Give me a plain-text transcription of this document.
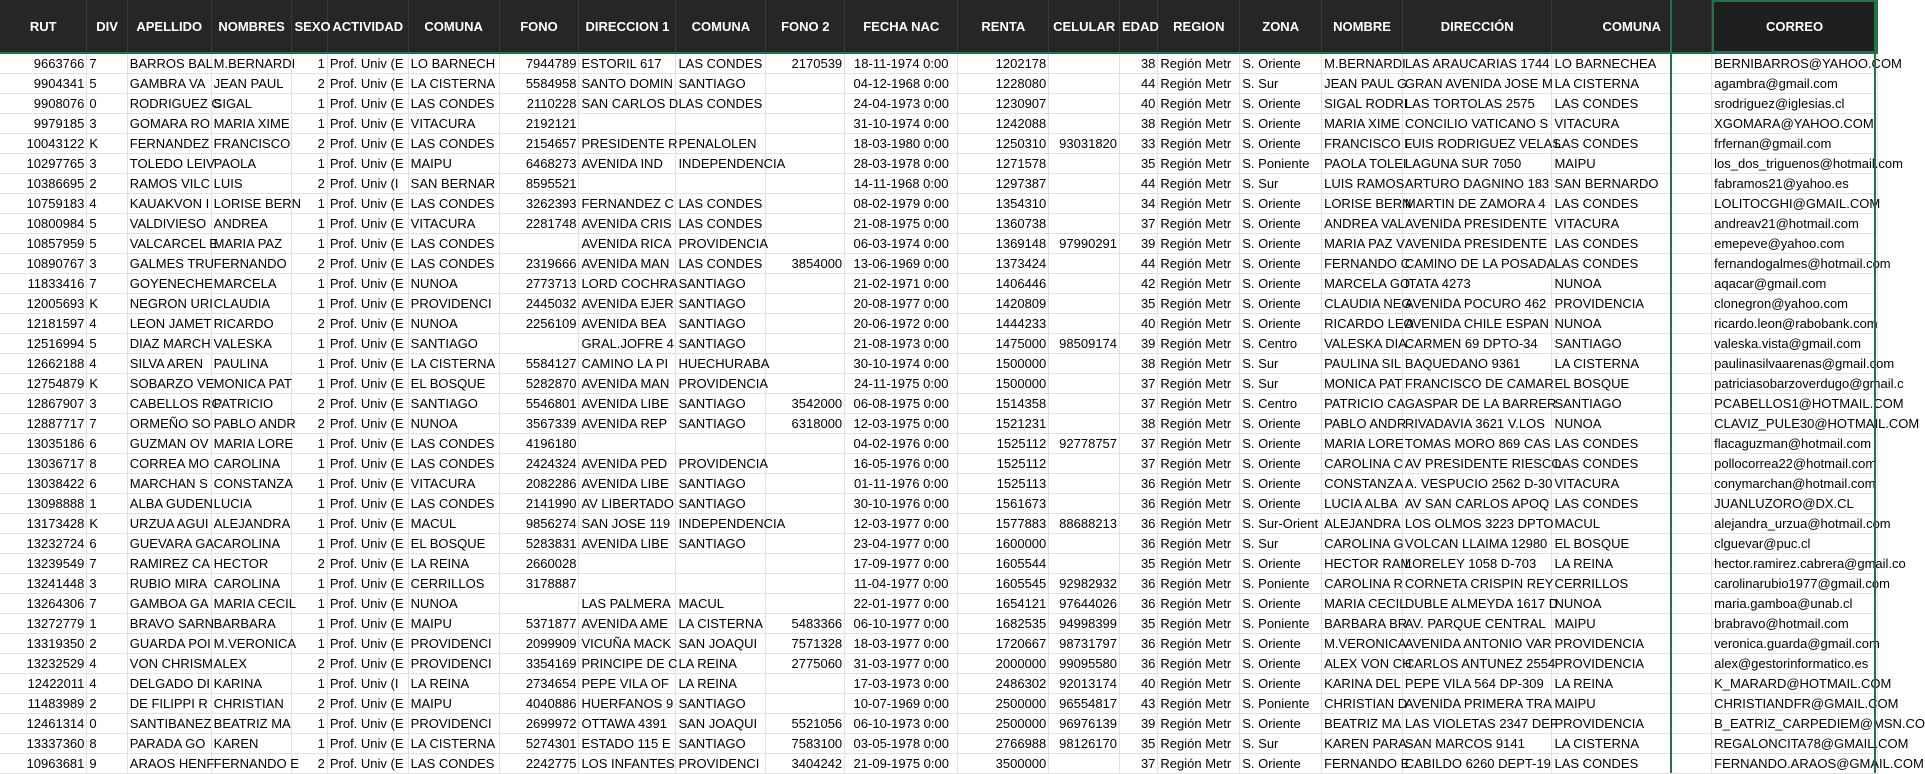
RUT	DIV	APELLIDO	NOMBRES	SEXO	ACTIVIDAD	COMUNA	FONO	DIRECCION 1	COMUNA	FONO 2	FECHA NAC	RENTA	CELULAR	EDAD	REGION	ZONA	NOMBRE	DIRECCIÓN	COMUNA	CORREO
9663766	7	BARROS BAL	M.BERNARDI	1	Prof. Univ (E	LO BARNECH	7944789	ESTORIL 617	LAS CONDES	2170539	18-11-1974 0:00	1202178		38	Región Metr	S. Oriente	M.BERNARDI	LAS ARAUCARIAS 1744	LO BARNECHEA	BERNIBARROS@YAHOO.COM
9904341	5	GAMBRA VA	JEAN PAUL	2	Prof. Univ (E	LA CISTERNA	5584958	SANTO DOMIN	SANTIAGO		04-12-1968 0:00	1228080		44	Región Metr	S. Sur	JEAN PAUL G	GRAN AVENIDA JOSE M	LA CISTERNA	agambra@gmail.com
9908076	0	RODRIGUEZ C	SIGAL	1	Prof. Univ (E	LAS CONDES	2110228	SAN CARLOS D	LAS CONDES		24-04-1973 0:00	1230907		40	Región Metr	S. Oriente	SIGAL RODRI	LAS TORTOLAS 2575	LAS CONDES	srodriguez@iglesias.cl
9979185	3	GOMARA RO	MARIA XIME	1	Prof. Univ (E	VITACURA	2192121				31-10-1974 0:00	1242088		38	Región Metr	S. Oriente	MARIA XIME	CONCILIO VATICANO S	VITACURA	XGOMARA@YAHOO.COM
10043122	K	FERNANDEZ	FRANCISCO	2	Prof. Univ (E	LAS CONDES	2154657	PRESIDENTE R	PENALOLEN		18-03-1980 0:00	1250310	93031820	33	Región Metr	S. Oriente	FRANCISCO F	LUIS RODRIGUEZ VELAS	LAS CONDES	frfernan@gmail.com
10297765	3	TOLEDO LEIV	PAOLA	1	Prof. Univ (E	MAIPU	6468273	AVENIDA IND	INDEPENDENCIA		28-03-1978 0:00	1271578		35	Región Metr	S. Poniente	PAOLA TOLEI	LAGUNA SUR 7050	MAIPU	los_dos_triguenos@hotmail.com
10386695	2	RAMOS VILC	LUIS	2	Prof. Univ (I	SAN BERNAR	8595521				14-11-1968 0:00	1297387		44	Región Metr	S. Sur	LUIS RAMOS	ARTURO DAGNINO 183	SAN BERNARDO	fabramos21@yahoo.es
10759183	4	KAUAKVON I	LORISE BERN	1	Prof. Univ (E	LAS CONDES	3262393	FERNANDEZ C	LAS CONDES		08-02-1979 0:00	1354310		34	Región Metr	S. Oriente	LORISE BERN	MARTIN DE ZAMORA 4	LAS CONDES	LOLITOCGHI@GMAIL.COM
10800984	5	VALDIVIESO	ANDREA	1	Prof. Univ (E	VITACURA	2281748	AVENIDA CRIS	LAS CONDES		21-08-1975 0:00	1360738		37	Región Metr	S. Oriente	ANDREA VAL	AVENIDA PRESIDENTE	VITACURA	andreav21@hotmail.com
10857959	5	VALCARCEL E	MARIA PAZ	1	Prof. Univ (E	LAS CONDES		AVENIDA RICA	PROVIDENCIA		06-03-1974 0:00	1369148	97990291	39	Región Metr	S. Oriente	MARIA PAZ V	AVENIDA PRESIDENTE	LAS CONDES	emepeve@yahoo.com
10890767	3	GALMES TRU	FERNANDO	2	Prof. Univ (E	LAS CONDES	2319666	AVENIDA MAN	LAS CONDES	3854000	13-06-1969 0:00	1373424		44	Región Metr	S. Oriente	FERNANDO C	CAMINO DE LA POSADA	LAS CONDES	fernandogalmes@hotmail.com
11833416	7	GOYENECHE	MARCELA	1	Prof. Univ (E	NUNOA	2773713	LORD COCHRA	SANTIAGO		21-02-1971 0:00	1406446		42	Región Metr	S. Oriente	MARCELA GO	ITATA 4273	NUNOA	aqacar@gmail.com
12005693	K	NEGRON URI	CLAUDIA	1	Prof. Univ (E	PROVIDENCI	2445032	AVENIDA EJER	SANTIAGO		20-08-1977 0:00	1420809		35	Región Metr	S. Oriente	CLAUDIA NEG	AVENIDA POCURO 462	PROVIDENCIA	clonegron@yahoo.com
12181597	4	LEON JAMET	RICARDO	2	Prof. Univ (E	NUNOA	2256109	AVENIDA BEA	SANTIAGO		20-06-1972 0:00	1444233		40	Región Metr	S. Oriente	RICARDO LEO	AVENIDA CHILE ESPAN	NUNOA	ricardo.leon@rabobank.com
12516994	5	DIAZ MARCH	VALESKA	1	Prof. Univ (E	SANTIAGO		GRAL.JOFRE 4	SANTIAGO		21-08-1973 0:00	1475000	98509174	39	Región Metr	S. Centro	VALESKA DIA	CARMEN 69 DPTO-34	SANTIAGO	valeska.vista@gmail.com
12662188	4	SILVA AREN	PAULINA	1	Prof. Univ (E	LA CISTERNA	5584127	CAMINO LA PI	HUECHURABA		30-10-1974 0:00	1500000		38	Región Metr	S. Sur	PAULINA SIL	BAQUEDANO 9361	LA CISTERNA	paulinasilvaarenas@gmail.com
12754879	K	SOBARZO VE	MONICA PAT	1	Prof. Univ (E	EL BOSQUE	5282870	AVENIDA MAN	PROVIDENCIA		24-11-1975 0:00	1500000		37	Región Metr	S. Sur	MONICA PAT	FRANCISCO DE CAMAR	EL BOSQUE	patriciasobarzoverdugo@gmail.c
12867907	3	CABELLOS RC	PATRICIO	2	Prof. Univ (E	SANTIAGO	5546801	AVENIDA LIBE	SANTIAGO	3542000	06-08-1975 0:00	1514358		37	Región Metr	S. Centro	PATRICIO CA	GASPAR DE LA BARRER	SANTIAGO	PCABELLOS1@HOTMAIL.COM
12887717	7	ORMEÑO SO	PABLO ANDR	2	Prof. Univ (E	NUNOA	3567339	AVENIDA REP	SANTIAGO	6318000	12-03-1975 0:00	1521231		38	Región Metr	S. Oriente	PABLO ANDR	RIVADAVIA 3621 V.LOS	NUNOA	CLAVIZ_PULE30@HOTMAIL.COM
13035186	6	GUZMAN OV	MARIA LORE	1	Prof. Univ (E	LAS CONDES	4196180				04-02-1976 0:00	1525112	92778757	37	Región Metr	S. Oriente	MARIA LORE	TOMAS MORO 869 CAS	LAS CONDES	flacaguzman@hotmail.com
13036717	8	CORREA MO	CAROLINA	1	Prof. Univ (E	LAS CONDES	2424324	AVENIDA PED	PROVIDENCIA		16-05-1976 0:00	1525112		37	Región Metr	S. Oriente	CAROLINA C	AV PRESIDENTE RIESCO	LAS CONDES	pollocorrea22@hotmail.com
13038422	6	MARCHAN S	CONSTANZA	1	Prof. Univ (E	VITACURA	2082286	AVENIDA LIBE	SANTIAGO		01-11-1976 0:00	1525113		36	Región Metr	S. Oriente	CONSTANZA	A. VESPUCIO 2562 D-30	VITACURA	conymarchan@hotmail.com
13098888	1	ALBA GUDEN	LUCIA	1	Prof. Univ (E	LAS CONDES	2141990	AV LIBERTADO	SANTIAGO		30-10-1976 0:00	1561673		36	Región Metr	S. Oriente	LUCIA ALBA	AV SAN CARLOS APOQ	LAS CONDES	JUANLUZORO@DX.CL
13173428	K	URZUA AGUI	ALEJANDRA	1	Prof. Univ (E	MACUL	9856274	SAN JOSE 119	INDEPENDENCIA		12-03-1977 0:00	1577883	88688213	36	Región Metr	S. Sur-Orient	ALEJANDRA	LOS OLMOS 3223 DPTO	MACUL	alejandra_urzua@hotmail.com
13232724	6	GUEVARA GA	CAROLINA	1	Prof. Univ (E	EL BOSQUE	5283831	AVENIDA LIBE	SANTIAGO		23-04-1977 0:00	1600000		36	Región Metr	S. Sur	CAROLINA G	VOLCAN LLAIMA 12980	EL BOSQUE	clguevar@puc.cl
13239549	7	RAMIREZ CA	HECTOR	2	Prof. Univ (E	LA REINA	2660028				17-09-1977 0:00	1605544		35	Región Metr	S. Oriente	HECTOR RAM	LORELEY 1058 D-703	LA REINA	hector.ramirez.cabrera@gmail.co
13241448	3	RUBIO MIRA	CAROLINA	1	Prof. Univ (E	CERRILLOS	3178887				11-04-1977 0:00	1605545	92982932	36	Región Metr	S. Poniente	CAROLINA R	CORNETA CRISPIN REY	CERRILLOS	carolinarubio1977@gmail.com
13264306	7	GAMBOA GA	MARIA CECIL	1	Prof. Univ (E	NUNOA		LAS PALMERA	MACUL		22-01-1977 0:00	1654121	97644026	36	Región Metr	S. Oriente	MARIA CECIL	DUBLE ALMEYDA 1617 D	NUNOA	maria.gamboa@unab.cl
13272779	1	BRAVO SARN	BARBARA	1	Prof. Univ (E	MAIPU	5371877	AVENIDA AME	LA CISTERNA	5483366	06-10-1977 0:00	1682535	94998399	35	Región Metr	S. Poniente	BARBARA BR	AV. PARQUE CENTRAL	MAIPU	brabravo@hotmail.com
13319350	2	GUARDA POI	M.VERONICA	1	Prof. Univ (E	PROVIDENCI	2099909	VICUÑA MACK	SAN JOAQUI	7571328	18-03-1977 0:00	1720667	98731797	36	Región Metr	S. Oriente	M.VERONICA	AVENIDA ANTONIO VAR	PROVIDENCIA	veronica.guarda@gmail.com
13232529	4	VON CHRISM	ALEX	2	Prof. Univ (E	PROVIDENCI	3354169	PRINCIPE DE C	LA REINA	2775060	31-03-1977 0:00	2000000	99095580	36	Región Metr	S. Oriente	ALEX VON CH	CARLOS ANTUNEZ 2554	PROVIDENCIA	alex@gestorinformatico.es
12422011	4	DELGADO DI	KARINA	1	Prof. Univ (I	LA REINA	2734654	PEPE VILA OF	LA REINA		17-03-1973 0:00	2486302	92013174	40	Región Metr	S. Oriente	KARINA DEL	PEPE VILA 564 DP-309	LA REINA	K_MARARD@HOTMAIL.COM
11483989	2	DE FILIPPI R	CHRISTIAN	2	Prof. Univ (E	MAIPU	4040886	HUERFANOS 9	SANTIAGO		10-07-1969 0:00	2500000	96554817	43	Región Metr	S. Poniente	CHRISTIAN D	AVENIDA PRIMERA TRA	MAIPU	CHRISTIANDFR@GMAIL.COM
12461314	0	SANTIBANEZ	BEATRIZ MA	1	Prof. Univ (E	PROVIDENCI	2699972	OTTAWA 4391	SAN JOAQUI	5521056	06-10-1973 0:00	2500000	96976139	39	Región Metr	S. Oriente	BEATRIZ MA	LAS VIOLETAS 2347 DEF	PROVIDENCIA	B_EATRIZ_CARPEDIEM@MSN.CO
13337360	8	PARADA GO	KAREN	1	Prof. Univ (E	LA CISTERNA	5274301	ESTADO 115 E	SANTIAGO	7583100	03-05-1978 0:00	2766988	98126170	35	Región Metr	S. Sur	KAREN PARA	SAN MARCOS 9141	LA CISTERNA	REGALONCITA78@GMAIL.COM
10963681	9	ARAOS HENF	FERNANDO E	2	Prof. Univ (E	LAS CONDES	2242775	LOS INFANTES	PROVIDENCI	3404242	21-09-1975 0:00	3500000		37	Región Metr	S. Oriente	FERNANDO E	CABILDO 6260 DEPT-19	LAS CONDES	FERNANDO.ARAOS@GMAIL.COM
